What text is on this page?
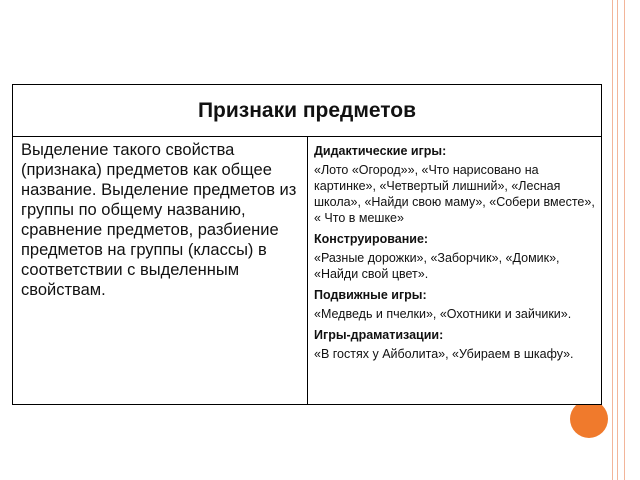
Признаки предметов
Выделение такого свойства (признака) предметов как общее название. Выделение предметов из группы по общему названию, сравнение предметов, разбиение предметов на группы (классы) в соответствии с выделенным свойствам.
Дидактические игры:
«Лото «Огород»», «Что нарисовано на картинке», «Четвертый лишний», «Лесная школа», «Найди свою маму», «Собери вместе», « Что в мешке»
Конструирование:
«Разные дорожки», «Заборчик», «Домик», «Найди свой цвет».
Подвижные игры:
«Медведь и пчелки», «Охотники и зайчики».
Игры-драматизации:
«В гостях у Айболита», «Убираем в шкафу».
